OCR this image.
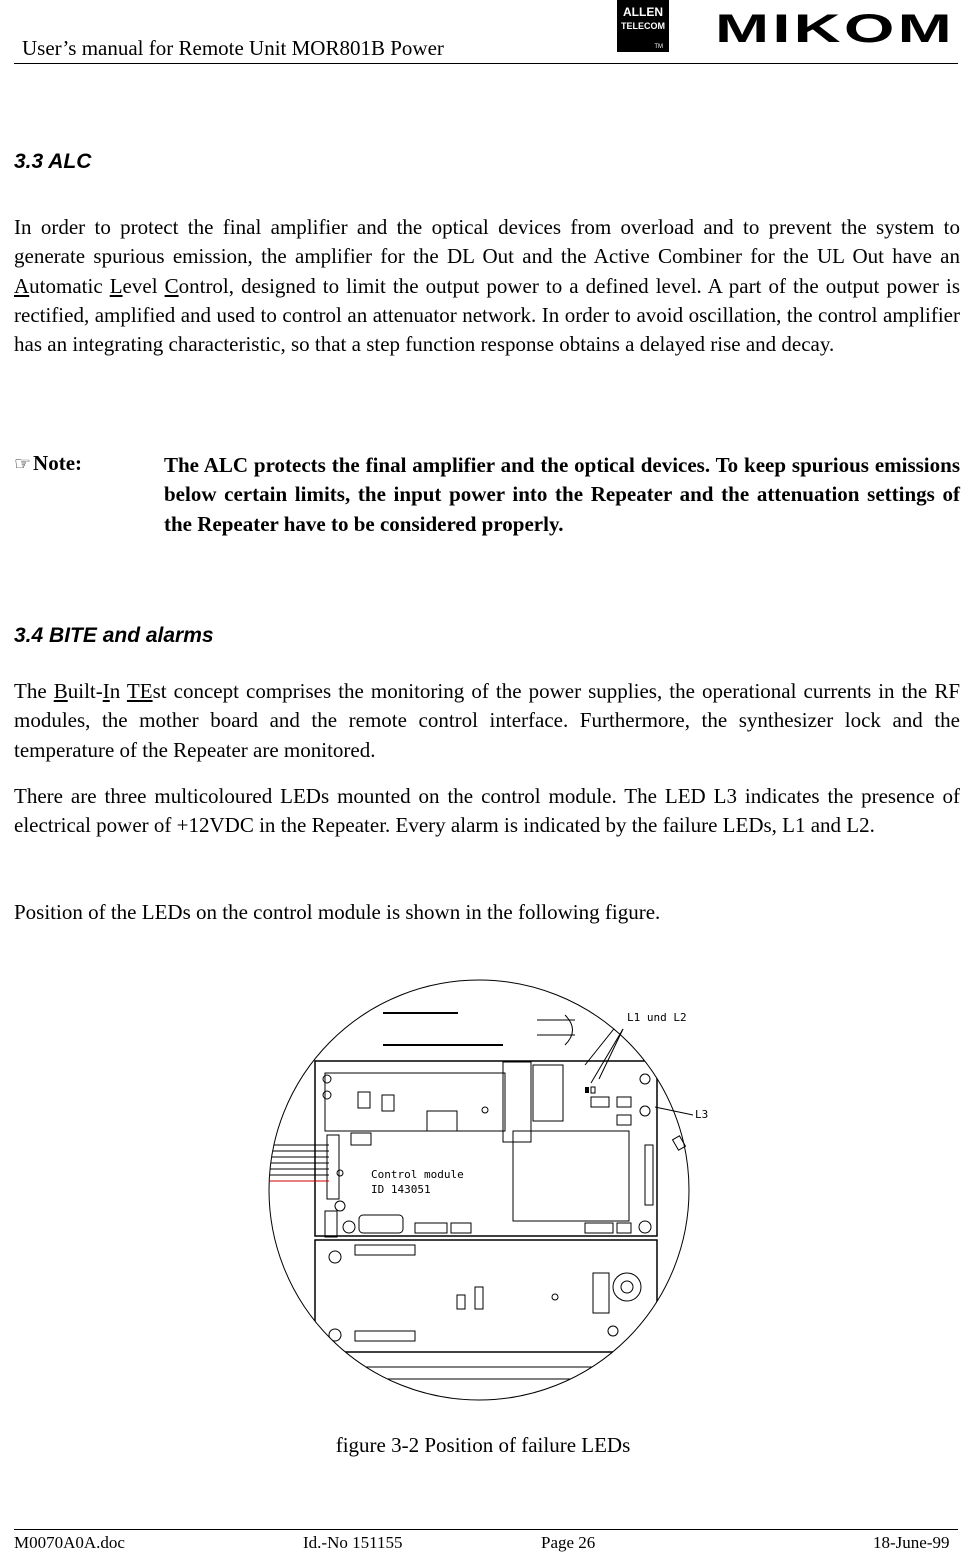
User’s manual for Remote Unit MOR801B Power
ALLEN
TELECOM
TM MIKOM
3.3 ALC

In order to protect the final amplifier and the optical devices from overload and to prevent the system to generate spurious emission, the amplifier for the DL Out and the Active Combiner for the UL Out have an Automatic Level Control, designed to limit the output power to a defined level. A part of the output power is rectified, amplified and used to control an attenuator network. In order to avoid oscillation, the control amplifier has an integrating characteristic, so that a step function response obtains a delayed rise and decay.

☞Note:	The ALC protects the final amplifier and the optical devices. To keep spurious emissions below certain limits, the input power into the Repeater and the attenuation settings of the Repeater have to be considered properly.

3.4 BITE and alarms

The Built-In TEst concept comprises the monitoring of the power supplies, the operational currents in the RF modules, the mother board and the remote control interface. Furthermore, the synthesizer lock and the temperature of the Repeater are monitored.

There are three multicoloured LEDs mounted on the control module. The LED L3 indicates the presence of electrical power of +12VDC in the Repeater. Every alarm is indicated by the failure LEDs, L1 and L2.

Position of the LEDs on the control module is shown in the following figure.

L1 und L2
L3
Control module
ID 143051
figure 3-2 Position of failure LEDs
M0070A0A.doc	Id.-No 151155	Page 26	18-June-99
